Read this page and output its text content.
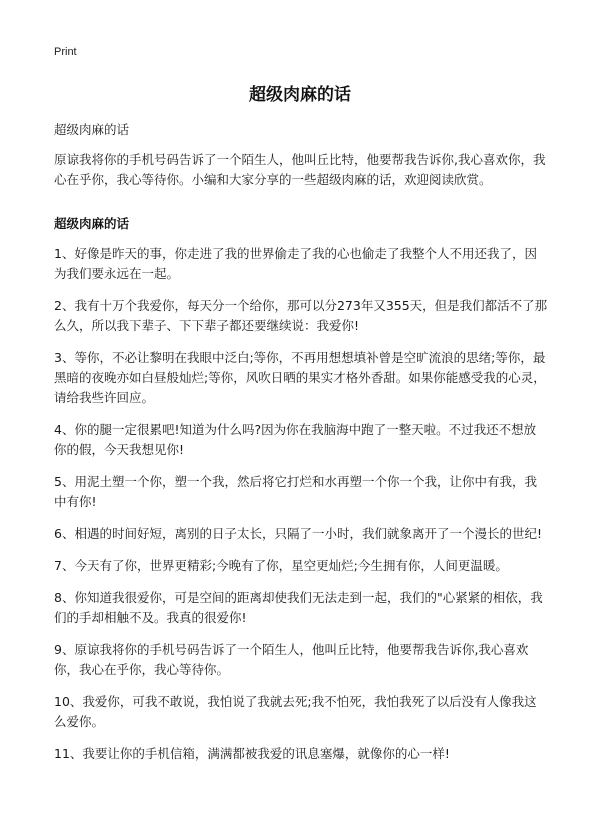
Print
超级肉麻的话
超级肉麻的话
原谅我将你的手机号码告诉了一个陌生人，他叫丘比特，他要帮我告诉你,我心喜欢你，我心在乎你，我心等待你。小编和大家分享的一些超级肉麻的话，欢迎阅读欣赏。
超级肉麻的话
1、好像是昨天的事，你走进了我的世界偷走了我的心也偷走了我整个人不用还我了，因为我们要永远在一起。
2、我有十万个我爱你，每天分一个给你，那可以分273年又355天，但是我们都活不了那么久，所以我下辈子、下下辈子都还要继续说：我爱你!
3、等你，不必让黎明在我眼中泛白;等你，不再用想想填补曾是空旷流浪的思绪;等你，最黑暗的夜晚亦如白昼般灿烂;等你，风吹日晒的果实才格外香甜。如果你能感受我的心灵，请给我些许回应。
4、你的腿一定很累吧!知道为什么吗?因为你在我脑海中跑了一整天啦。不过我还不想放你的假，今天我想见你!
5、用泥土塑一个你，塑一个我，然后将它打烂和水再塑一个你一个我，让你中有我，我中有你!
6、相遇的时间好短，离别的日子太长，只隔了一小时，我们就象离开了一个漫长的世纪!
7、今天有了你，世界更精彩;今晚有了你，星空更灿烂;今生拥有你，人间更温暖。
8、你知道我很爱你，可是空间的距离却使我们无法走到一起，我们的"心紧紧的相依，我们的手却相触不及。我真的很爱你!
9、原谅我将你的手机号码告诉了一个陌生人，他叫丘比特，他要帮我告诉你,我心喜欢你，我心在乎你，我心等待你。
10、我爱你，可我不敢说，我怕说了我就去死;我不怕死，我怕我死了以后没有人像我这么爱你。
11、我要让你的手机信箱，满满都被我爱的讯息塞爆，就像你的心一样!
